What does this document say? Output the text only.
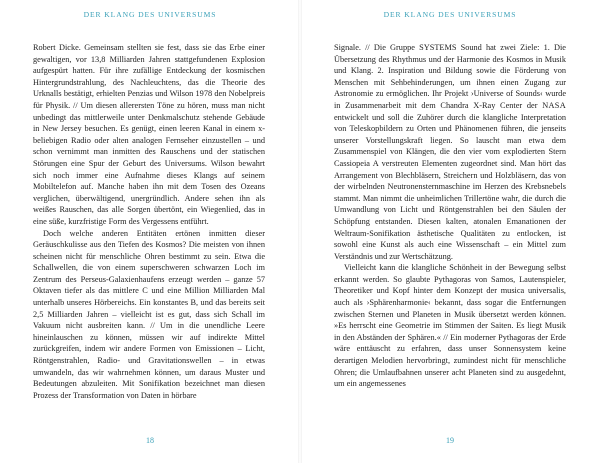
DER KLANG DES UNIVERSUMS

Robert Dicke. Gemeinsam stellten sie fest, dass sie das Erbe einer gewaltigen, vor 13,8 Milliarden Jahren stattgefundenen Explosion aufgespürt hatten. Für ihre zufällige Entdeckung der kosmischen Hintergrundstrahlung, des Nachleuchtens, das die Theorie des Urknalls bestätigt, erhielten Penzias und Wilson 1978 den Nobelpreis für Physik. // Um diesen allerersten Töne zu hören, muss man nicht unbedingt das mittlerweile unter Denkmalschutz stehende Gebäude in New Jersey besuchen. Es genügt, einen leeren Kanal in einem x-beliebigen Radio oder alten analogen Fernseher einzustellen – und schon vernimmt man inmitten des Rauschens und der statischen Störungen eine Spur der Geburt des Universums. Wilson bewahrt sich noch immer eine Aufnahme dieses Klangs auf seinem Mobiltelefon auf. Manche haben ihn mit dem Tosen des Ozeans verglichen, überwältigend, unergründlich. Andere sehen ihn als weißes Rauschen, das alle Sorgen übertönt, ein Wiegenlied, das in eine süße, kurzfristige Form des Vergessens entführt.

Doch welche anderen Entitäten ertönen inmitten dieser Geräuschkulisse aus den Tiefen des Kosmos? Die meisten von ihnen scheinen nicht für menschliche Ohren bestimmt zu sein. Etwa die Schallwellen, die von einem superschweren schwarzen Loch im Zentrum des Perseus-Galaxienhaufens erzeugt werden – ganze 57 Oktaven tiefer als das mittlere C und eine Million Milliarden Mal unterhalb unseres Hörbereichs. Ein konstantes B, und das bereits seit 2,5 Milliarden Jahren – vielleicht ist es gut, dass sich Schall im Vakuum nicht ausbreiten kann. // Um in die unendliche Leere hineinlauschen zu können, müssen wir auf indirekte Mittel zurückgreifen, indem wir andere Formen von Emissionen – Licht, Röntgenstrahlen, Radio- und Gravitationswellen – in etwas umwandeln, das wir wahrnehmen können, um daraus Muster und Bedeutungen abzuleiten. Mit Sonifikation bezeichnet man diesen Prozess der Transformation von Daten in hörbare

18
DER KLANG DES UNIVERSUMS

Signale. // Die Gruppe SYSTEMS Sound hat zwei Ziele: 1. Die Übersetzung des Rhythmus und der Harmonie des Kosmos in Musik und Klang. 2. Inspiration und Bildung sowie die Förderung von Menschen mit Sehbehinderungen, um ihnen einen Zugang zur Astronomie zu ermöglichen. Ihr Projekt ›Universe of Sounds‹ wurde in Zusammenarbeit mit dem Chandra X-Ray Center der NASA entwickelt und soll die Zuhörer durch die klangliche Interpretation von Teleskopbildern zu Orten und Phänomenen führen, die jenseits unserer Vorstellungskraft liegen. So lauscht man etwa dem Zusammenspiel von Klängen, die den vier vom explodierten Stern Cassiopeia A verstreuten Elementen zugeordnet sind. Man hört das Arrangement von Blechbläsern, Streichern und Holzbläsern, das von der wirbelnden Neutronensternmaschine im Herzen des Krebsnebels stammt. Man nimmt die unheimlichen Trillertöne wahr, die durch die Umwandlung von Licht und Röntgenstrahlen bei den Säulen der Schöpfung entstanden. Diesen kalten, atonalen Emanationen der Weltraum-Sonifikation ästhetische Qualitäten zu entlocken, ist sowohl eine Kunst als auch eine Wissenschaft – ein Mittel zum Verständnis und zur Wertschätzung.

Vielleicht kann die klangliche Schönheit in der Bewegung selbst erkannt werden. So glaubte Pythagoras von Samos, Lautenspieler, Theoretiker und Kopf hinter dem Konzept der musica universalis, auch als ›Sphärenharmonie‹ bekannt, dass sogar die Entfernungen zwischen Sternen und Planeten in Musik übersetzt werden können. »Es herrscht eine Geometrie im Stimmen der Saiten. Es liegt Musik in den Abständen der Sphären.« // Ein moderner Pythagoras der Erde wäre enttäuscht zu erfahren, dass unser Sonnensystem keine derartigen Melodien hervorbringt, zumindest nicht für menschliche Ohren; die Umlaufbahnen unserer acht Planeten sind zu ausgedehnt, um ein angemessenes

19
